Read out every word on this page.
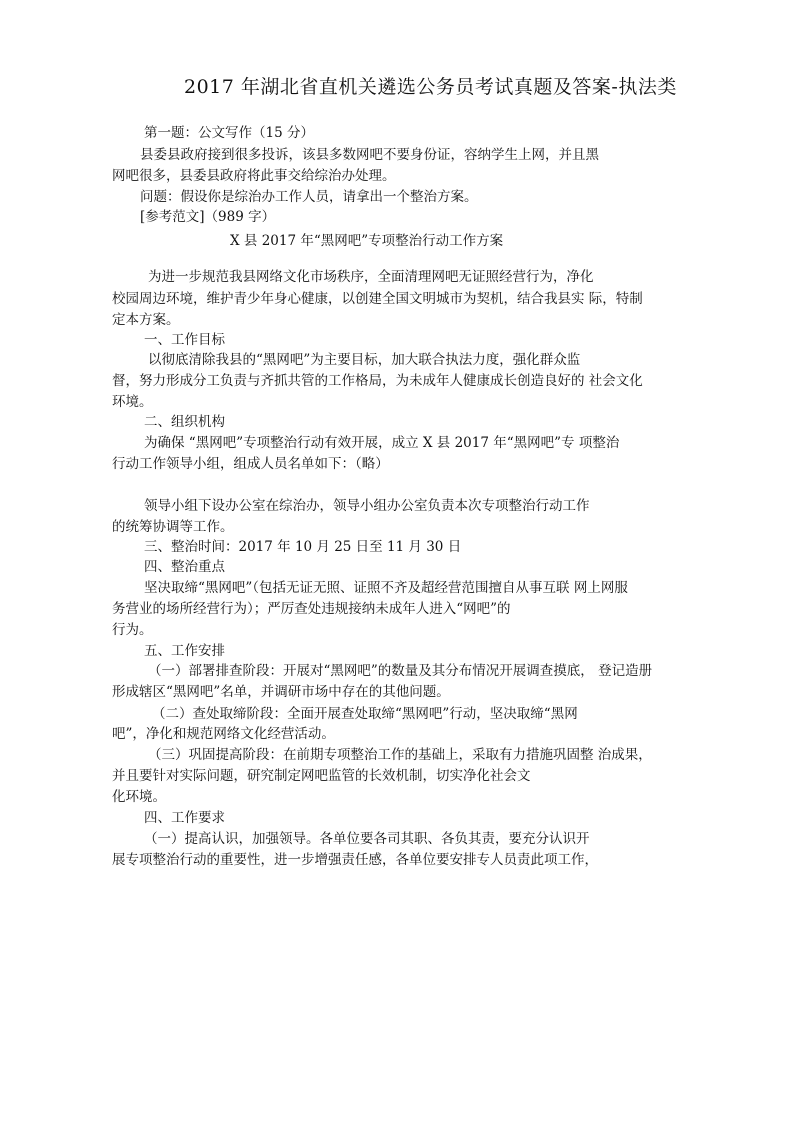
2017 年湖北省直机关遴选公务员考试真题及答案-执法类
第一题：公文写作（15 分）
县委县政府接到很多投诉，该县多数网吧不要身份证，容纳学生上网，并且黑
网吧很多，县委县政府将此事交给综治办处理。
问题：假设你是综治办工作人员，请拿出一个整治方案。
[参考范文]（989 字）
X 县 2017 年“黑网吧”专项整治行动工作方案
为进一步规范我县网络文化市场秩序，全面清理网吧无证照经营行为，净化
校园周边环境，维护青少年身心健康，以创建全国文明城市为契机，结合我县实 际，特制
定本方案。
一、工作目标
以彻底清除我县的“黑网吧”为主要目标，加大联合执法力度，强化群众监
督，努力形成分工负责与齐抓共管的工作格局，为未成年人健康成长创造良好的 社会文化
环境。
二、组织机构
为确保 “黑网吧”专项整治行动有效开展，成立 X 县 2017 年“黑网吧”专 项整治
行动工作领导小组，组成人员名单如下：（略）
领导小组下设办公室在综治办，领导小组办公室负责本次专项整治行动工作
的统筹协调等工作。
三、整治时间：2017 年 10 月 25 日至 11 月 30 日
四、整治重点
坚决取缔“黑网吧”（包括无证无照、证照不齐及超经营范围擅自从事互联 网上网服
务营业的场所经营行为）；严厉查处违规接纳未成年人进入“网吧”的
行为。
五、工作安排
（一）部署排查阶段：开展对“黑网吧”的数量及其分布情况开展调查摸底， 登记造册
形成辖区“黑网吧”名单，并调研市场中存在的其他问题。
（二）查处取缔阶段：全面开展查处取缔“黑网吧”行动，坚决取缔“黑网
吧”，净化和规范网络文化经营活动。
（三）巩固提高阶段：在前期专项整治工作的基础上，采取有力措施巩固整 治成果，
并且要针对实际问题，研究制定网吧监管的长效机制，切实净化社会文
化环境。
四、工作要求
（一）提高认识，加强领导。各单位要各司其职、各负其责，要充分认识开
展专项整治行动的重要性，进一步增强责任感，各单位要安排专人员责此项工作，
